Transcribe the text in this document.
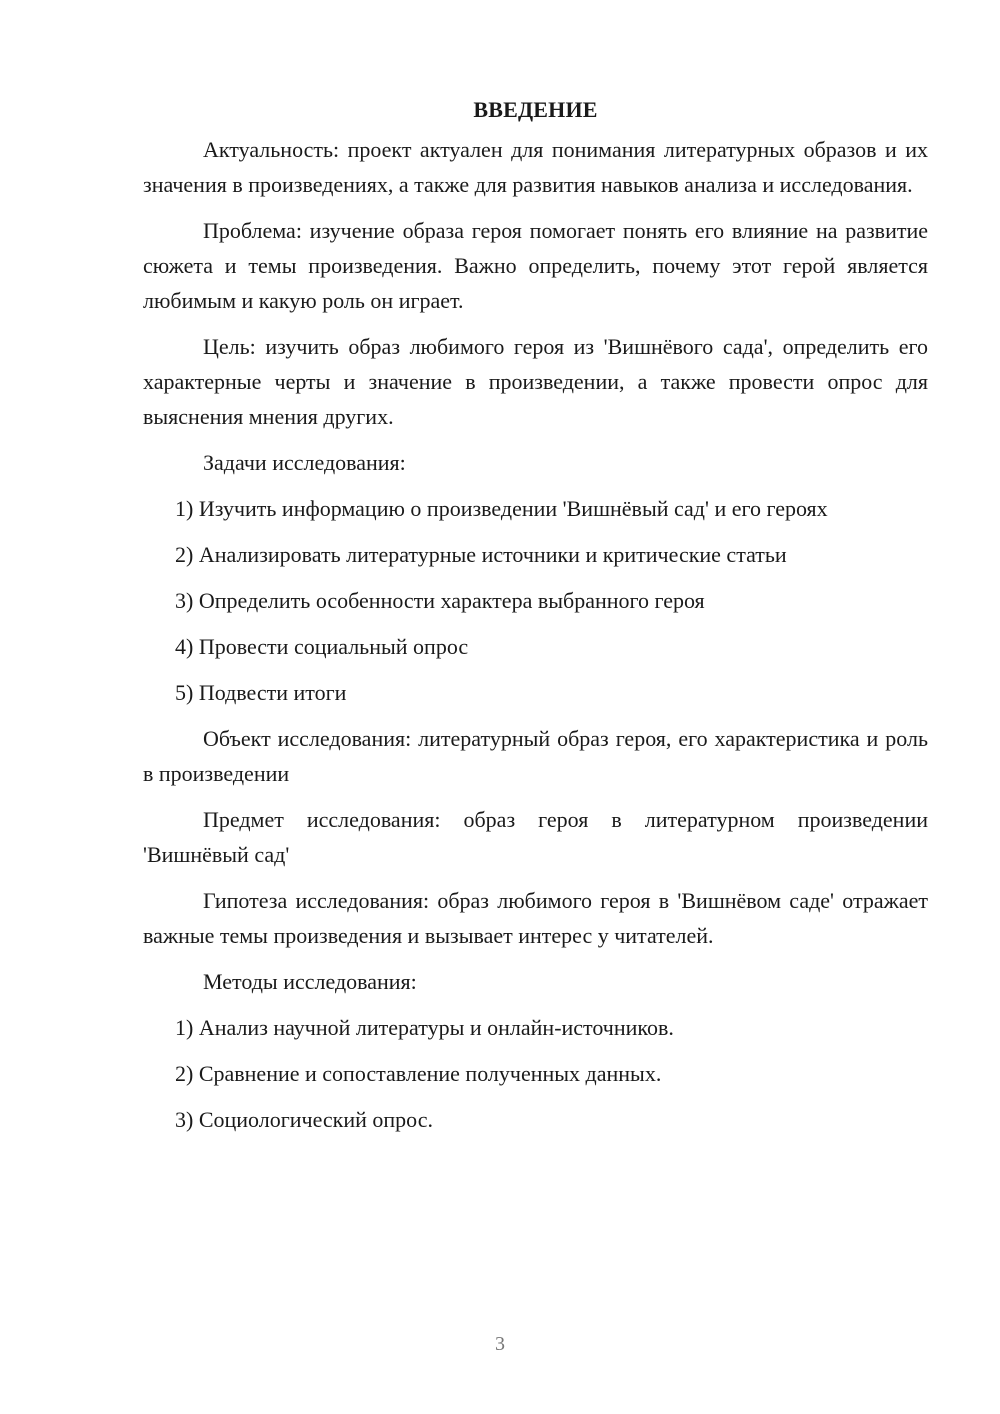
ВВЕДЕНИЕ

Актуальность: проект актуален для понимания литературных образов и их значения в произведениях, а также для развития навыков анализа и исследования.

Проблема: изучение образа героя помогает понять его влияние на развитие сюжета и темы произведения. Важно определить, почему этот герой является любимым и какую роль он играет.

Цель: изучить образ любимого героя из 'Вишнёвого сада', определить его характерные черты и значение в произведении, а также провести опрос для выяснения мнения других.

Задачи исследования:

1) Изучить информацию о произведении 'Вишнёвый сад' и его героях
2) Анализировать литературные источники и критические статьи
3) Определить особенности характера выбранного героя
4) Провести социальный опрос
5) Подвести итоги

Объект исследования: литературный образ героя, его характеристика и роль в произведении

Предмет исследования: образ героя в литературном произведении 'Вишнёвый сад'

Гипотеза исследования: образ любимого героя в 'Вишнёвом саде' отражает важные темы произведения и вызывает интерес у читателей.

Методы исследования:

1) Анализ научной литературы и онлайн-источников.
2) Сравнение и сопоставление полученных данных.
3) Социологический опрос.
3
